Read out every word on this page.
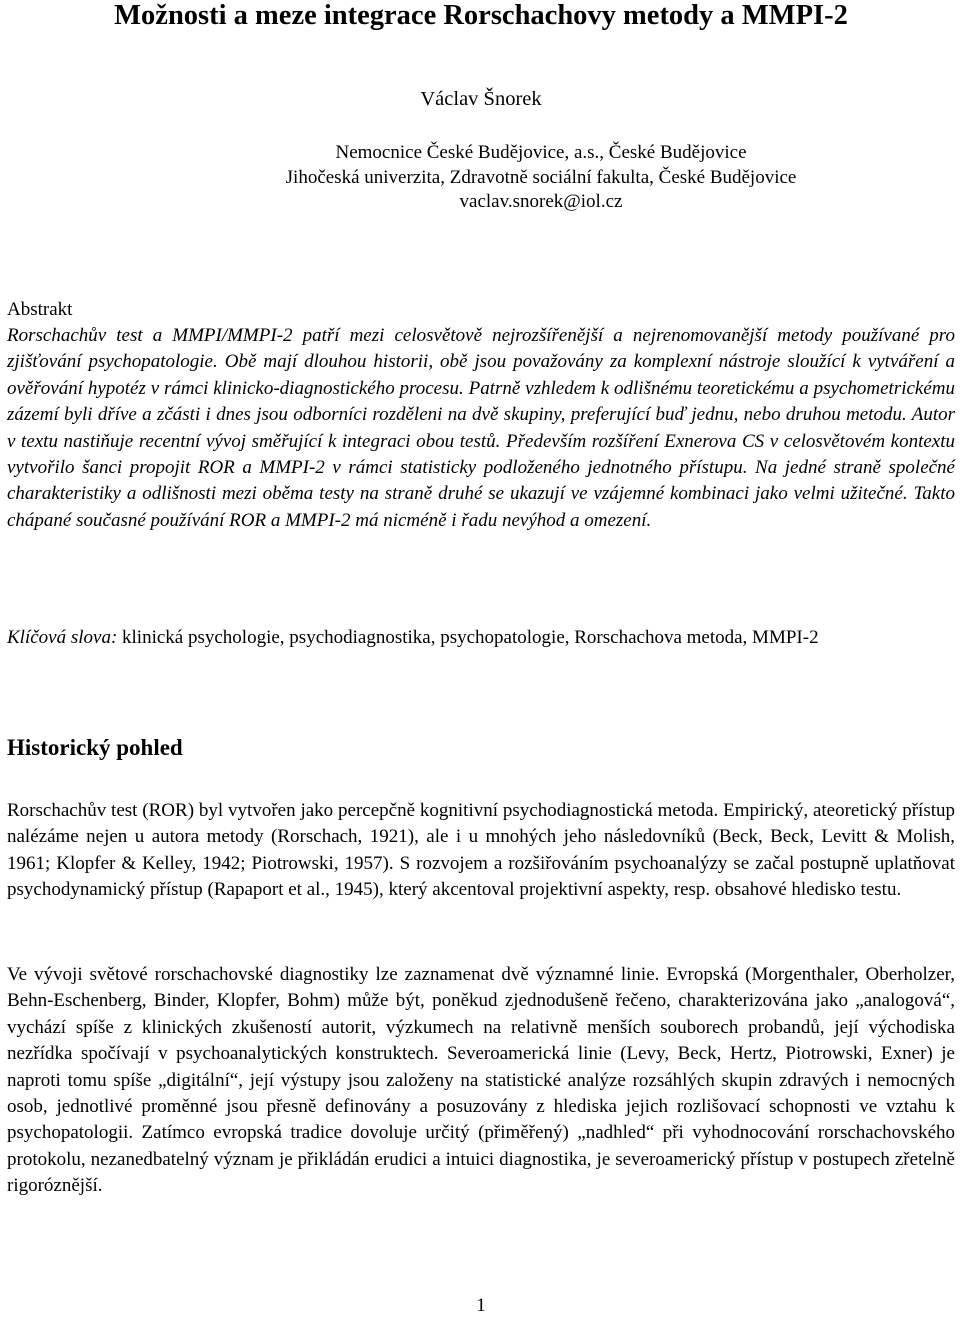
Možnosti a meze integrace Rorschachovy metody a MMPI-2
Václav Šnorek
Nemocnice České Budějovice, a.s., České Budějovice
Jihočeská univerzita, Zdravotně sociální fakulta, České Budějovice
vaclav.snorek@iol.cz
Abstrakt

Rorschachův test a MMPI/MMPI-2 patří mezi celosvětově nejrozšířenější a nejrenomovanější metody používané pro zjišťování psychopatologie. Obě mají dlouhou historii, obě jsou považovány za komplexní nástroje sloužící k vytváření a ověřování hypotéz v rámci klinicko-diagnostického procesu. Patrně vzhledem k odlišnému teoretickému a psychometrickému zázemí byli dříve a zčásti i dnes jsou odborníci rozděleni na dvě skupiny, preferující buď jednu, nebo druhou metodu. Autor v textu nastiňuje recentní vývoj směřující k integraci obou testů. Především rozšíření Exnerova CS v celosvětovém kontextu vytvořilo šanci propojit ROR a MMPI-2 v rámci statisticky podloženého jednotného přístupu. Na jedné straně společné charakteristiky a odlišnosti mezi oběma testy na straně druhé se ukazují ve vzájemné kombinaci jako velmi užitečné. Takto chápané současné používání ROR a MMPI-2 má nicméně i řadu nevýhod a omezení.

Klíčová slova: klinická psychologie, psychodiagnostika, psychopatologie, Rorschachova metoda, MMPI-2

Historický pohled

Rorschachův test (ROR) byl vytvořen jako percepčně kognitivní psychodiagnostická metoda. Empirický, ateoretický přístup nalézáme nejen u autora metody (Rorschach, 1921), ale i u mnohých jeho následovníků (Beck, Beck, Levitt & Molish, 1961; Klopfer & Kelley, 1942; Piotrowski, 1957). S rozvojem a rozšiřováním psychoanalýzy se začal postupně uplatňovat psychodynamický přístup (Rapaport et al., 1945), který akcentoval projektivní aspekty, resp. obsahové hledisko testu.

Ve vývoji světové rorschachovské diagnostiky lze zaznamenat dvě významné linie. Evropská (Morgenthaler, Oberholzer, Behn-Eschenberg, Binder, Klopfer, Bohm) může být, poněkud zjednodušeně řečeno, charakterizována jako „analogová“, vychází spíše z klinických zkušeností autorit, výzkumech na relativně menších souborech probandů, její východiska nezřídka spočívají v psychoanalytických konstruktech. Severoamerická linie (Levy, Beck, Hertz, Piotrowski, Exner) je naproti tomu spíše „digitální“, její výstupy jsou založeny na statistické analýze rozsáhlých skupin zdravých i nemocných osob, jednotlivé proměnné jsou přesně definovány a posuzovány z hlediska jejich rozlišovací schopnosti ve vztahu k psychopatologii. Zatímco evropská tradice dovoluje určitý (přiměřený) „nadhled“ při vyhodnocování rorschachovského protokolu, nezanedbatelný význam je přikládán erudici a intuici diagnostika, je severoamerický přístup v postupech zřetelně rigoróznější.

1
